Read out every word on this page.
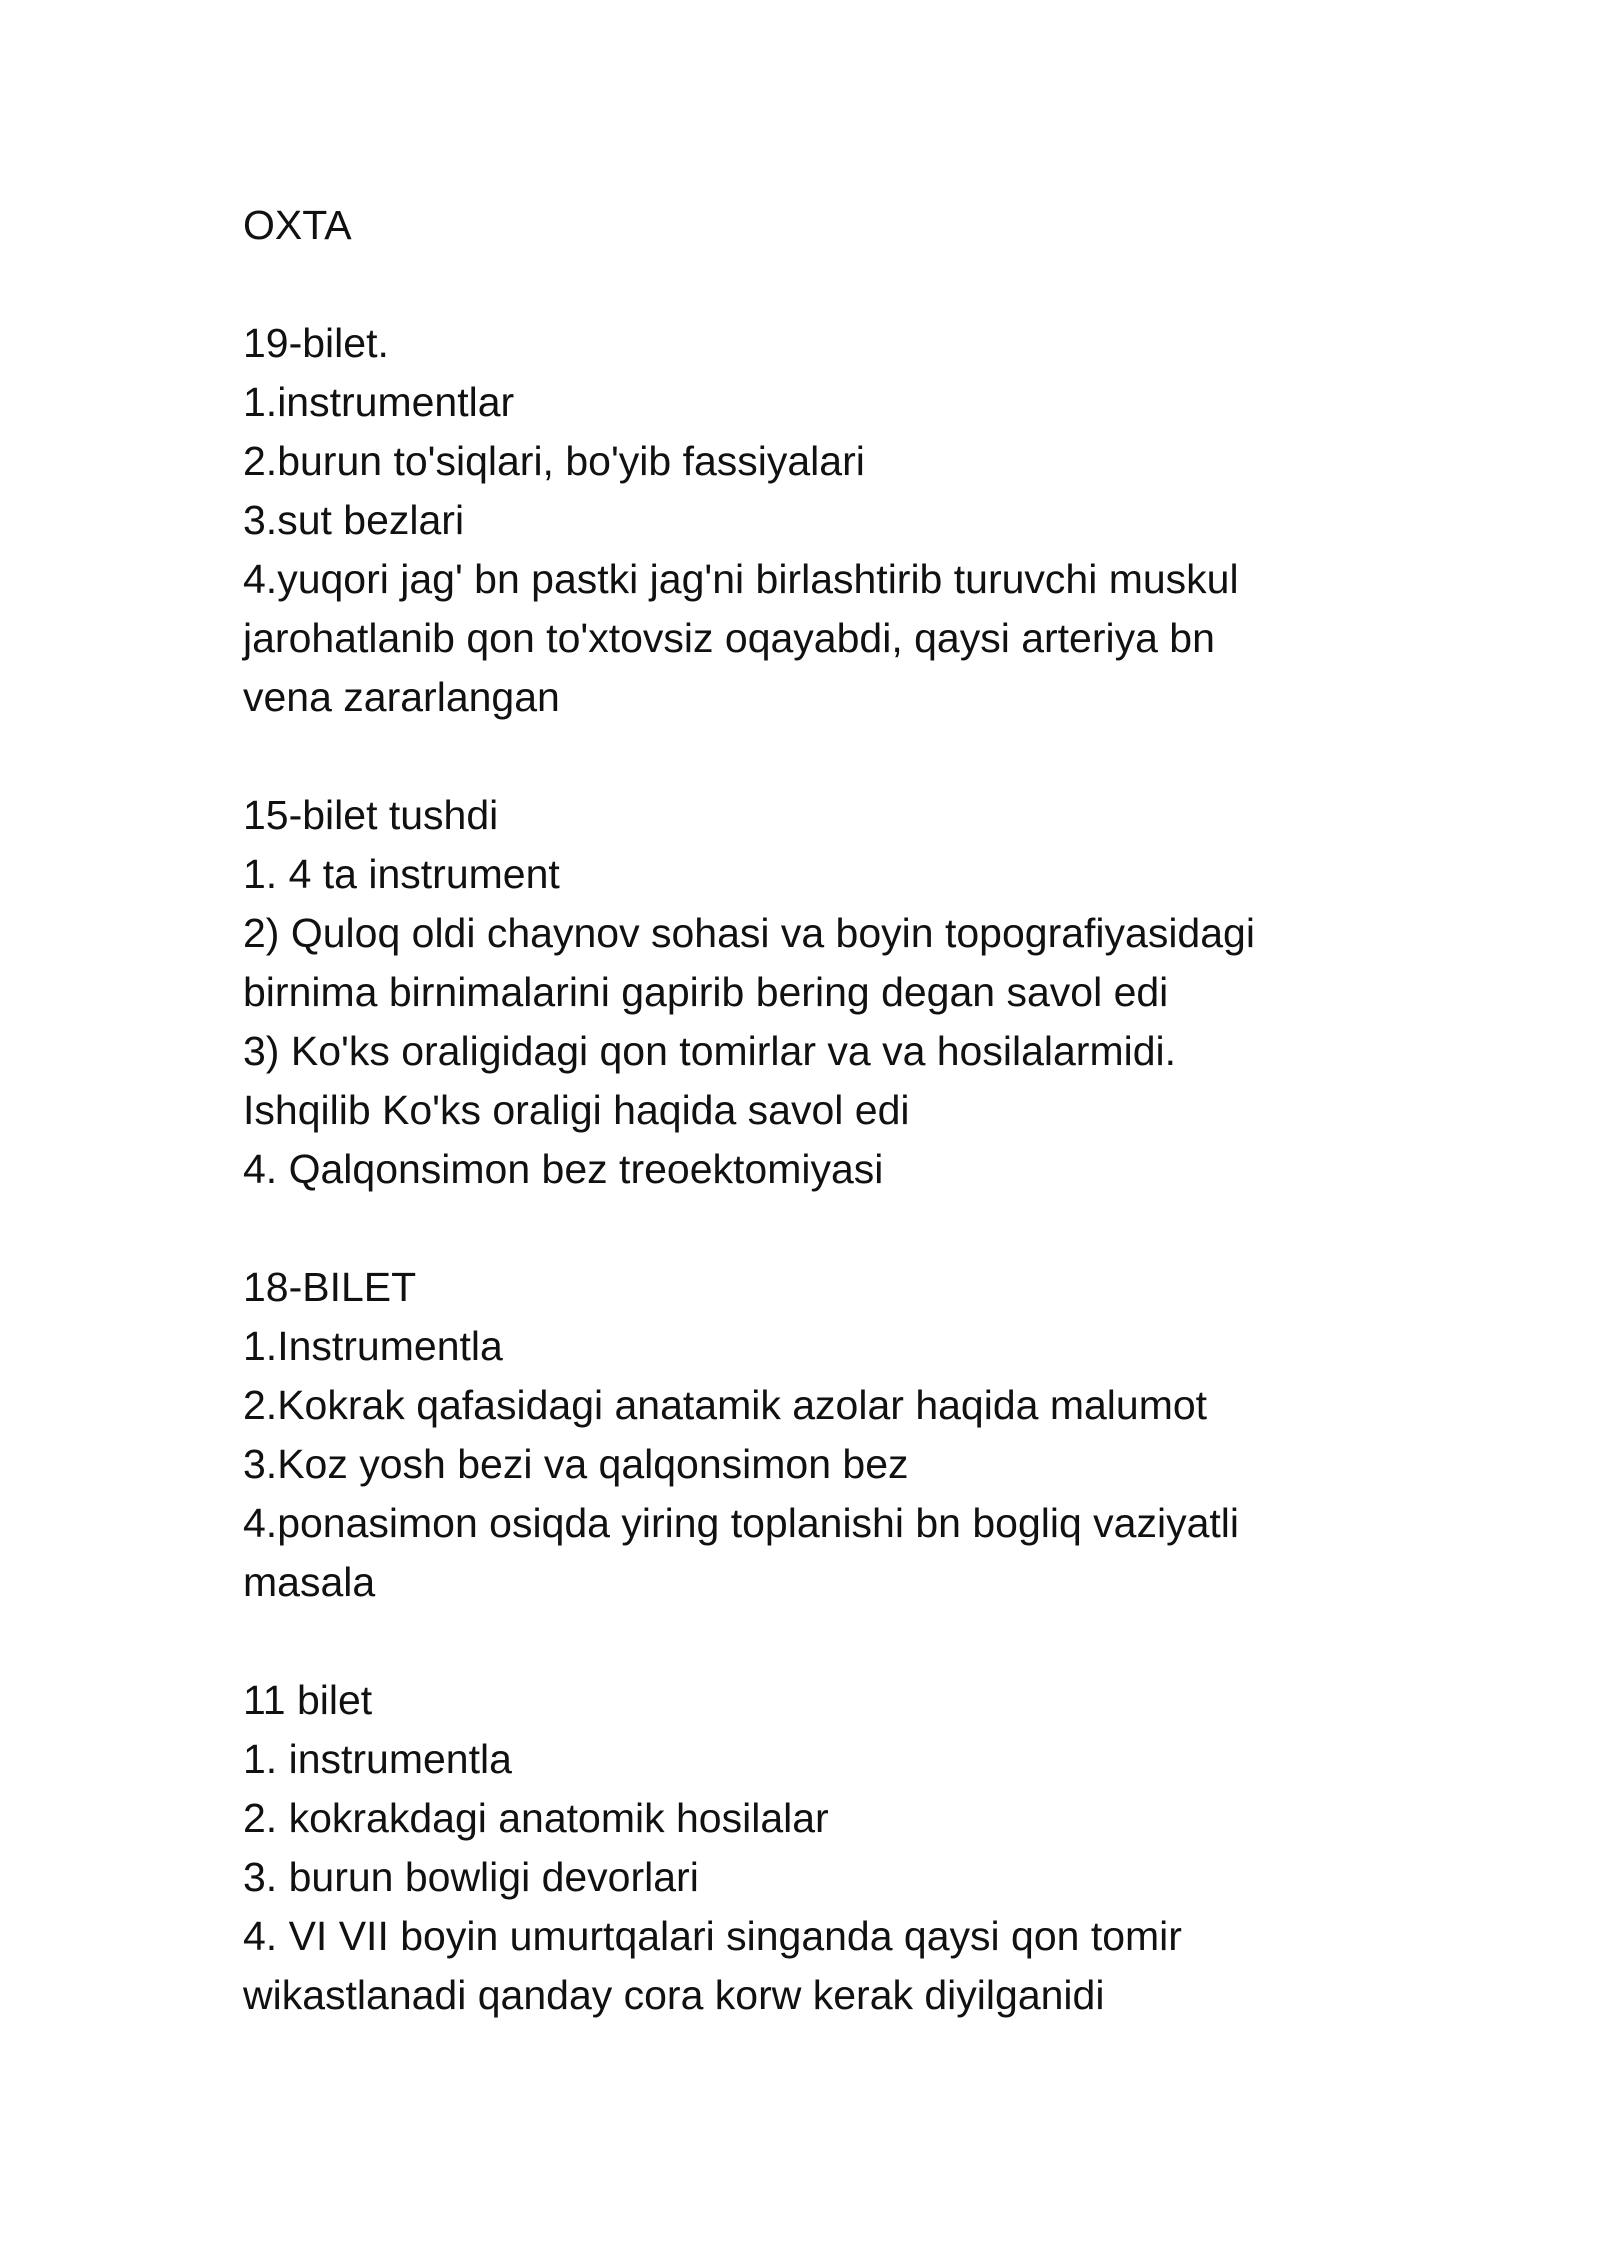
OXTA
19-bilet.
1.instrumentlar
2.burun to'siqlari, bo'yib fassiyalari
3.sut bezlari
4.yuqori jag' bn pastki jag'ni birlashtirib turuvchi muskul
jarohatlanib qon to'xtovsiz oqayabdi, qaysi arteriya bn
vena zararlangan
15-bilet tushdi
1. 4 ta instrument
2) Quloq oldi chaynov sohasi va boyin topografiyasidagi
birnima birnimalarini gapirib bering degan savol edi
3) Ko'ks oraligidagi qon tomirlar va va hosilalarmidi.
Ishqilib Ko'ks oraligi haqida savol edi
4. Qalqonsimon bez treoektomiyasi
18-BILET
1.Instrumentla
2.Kokrak qafasidagi anatamik azolar haqida malumot
3.Koz yosh bezi va qalqonsimon bez
4.ponasimon osiqda yiring toplanishi bn bogliq vaziyatli
masala
11 bilet
1. instrumentla
2. kokrakdagi anatomik hosilalar
3. burun bowligi devorlari
4. VI VII boyin umurtqalari singanda qaysi qon tomir
wikastlanadi qanday cora korw kerak diyilganidi
